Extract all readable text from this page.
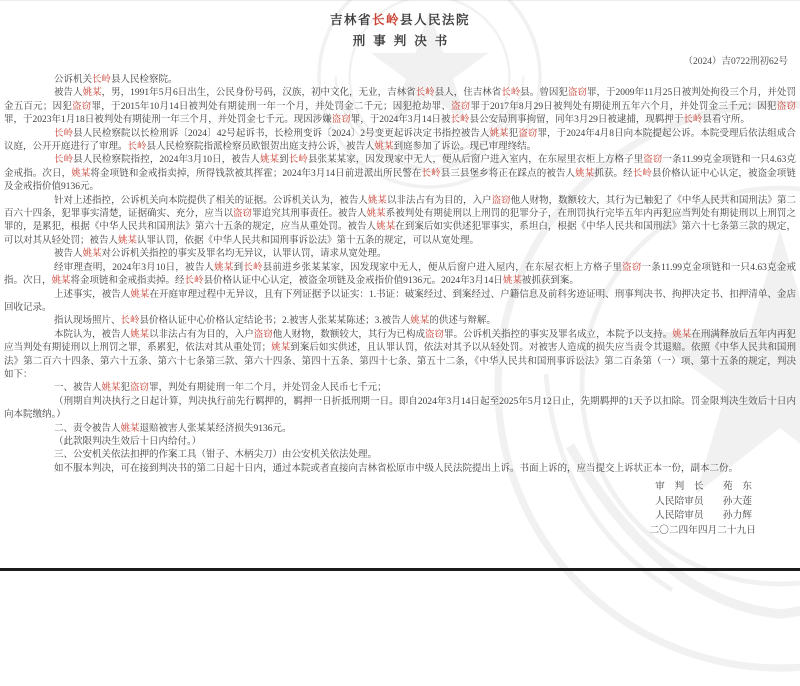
吉林省长岭县人民法院
刑事判决书
（2024）吉0722刑初62号

公诉机关长岭县人民检察院。

被告人姚某，男，1991年5月6日出生，公民身份号码，汉族，初中文化，无业，吉林省长岭县人，住吉林省长岭县。曾因犯盗窃罪，于2009年11月25日被判处拘役三个月，并处罚金五百元；因犯盗窃罪，于2015年10月14日被判处有期徒刑一年一个月，并处罚金二千元；因犯抢劫罪、盗窃罪于2017年8月29日被判处有期徒刑五年六个月，并处罚金三千元；因犯盗窃罪，于2023年1月18日被判处有期徒刑一年三个月，并处罚金七千元。现因涉嫌盗窃罪，于2024年3月14日被长岭县公安局刑事拘留，同年3月29日被逮捕，现羁押于长岭县看守所。

长岭县人民检察院以长检刑诉〔2024〕42号起诉书，长检刑变诉〔2024〕2号变更起诉决定书指控被告人姚某犯盗窃罪，于2024年4月8日向本院提起公诉。本院受理后依法组成合议庭，公开开庭进行了审理。长岭县人民检察院指派检察员欧银贺出庭支持公诉，被告人姚某到庭参加了诉讼。现已审理终结。

长岭县人民检察院指控，2024年3月10日，被告人姚某到长岭县张某某家，因发现家中无人，便从后窗户进入室内，在东屋里衣柜上方格子里盗窃一条11.99克金项链和一只4.63克金戒指。次日，姚某将金项链和金戒指卖掉，所得钱款被其挥霍；2024年3月14日前进派出所民警在长岭县三县堡乡将正在踩点的被告人姚某抓获。经长岭县价格认证中心认定，被盗金项链及金戒指价值9136元。

针对上述指控，公诉机关向本院提供了相关的证据。公诉机关认为，被告人姚某以非法占有为目的，入户盗窃他人财物，数额较大，其行为已触犯了《中华人民共和国刑法》第二百六十四条，犯罪事实清楚，证据确实、充分，应当以盗窃罪追究其刑事责任。被告人姚某系被判处有期徒刑以上刑罚的犯罪分子，在刑罚执行完毕五年内再犯应当判处有期徒刑以上刑罚之罪的，是累犯，根据《中华人民共和国刑法》第六十五条的规定，应当从重处罚。被告人姚某在到案后如实供述犯罪事实，系坦白，根据《中华人民共和国刑法》第六十七条第三款的规定，可以对其从轻处罚；被告人姚某认罪认罚，依据《中华人民共和国刑事诉讼法》第十五条的规定，可以从宽处理。

被告人姚某对公诉机关指控的事实及罪名均无异议，认罪认罚，请求从宽处理。

经审理查明，2024年3月10日，被告人姚某到长岭县前进乡张某某家，因发现家中无人，便从后窗户进入屋内，在东屋衣柜上方格子里盗窃一条11.99克金项链和一只4.63克金戒指。次日，姚某将金项链和金戒指卖掉。经长岭县价格认证中心认定，被盗金项链及金戒指价值9136元。2024年3月14日姚某被抓获到案。

上述事实，被告人姚某在开庭审理过程中无异议，且有下列证据予以证实：1.书证：破案经过、到案经过、户籍信息及前科劣迹证明、刑事判决书、拘押决定书、扣押清单、金店回收记录。

指认现场照片、长岭县价格认证中心价格认定结论书；2.被害人张某某陈述；3.被告人姚某的供述与辩解。

本院认为，被告人姚某以非法占有为目的，入户盗窃他人财物，数额较大，其行为已构成盗窃罪。公诉机关指控的事实及罪名成立，本院予以支持。姚某在刑满释放后五年内再犯应当判处有期徒刑以上刑罚之罪，系累犯，依法对其从重处罚；姚某到案后如实供述，且认罪认罚，依法对其予以从轻处罚。对被害人造成的损失应当责令其退赔。依照《中华人民共和国刑法》第二百六十四条、第六十五条、第六十七条第三款、第六十四条、第四十五条、第四十七条、第五十二条，《中华人民共和国刑事诉讼法》第二百条第（一）项、第十五条的规定，判决如下：

一、被告人姚某犯盗窃罪，判处有期徒刑一年二个月，并处罚金人民币七千元；

（刑期自判决执行之日起计算，判决执行前先行羁押的，羁押一日折抵刑期一日。即自2024年3月14日起至2025年5月12日止，先期羁押的1天予以扣除。罚金限判决生效后十日内向本院缴纳。）

二、责令被告人姚某退赔被害人张某某经济损失9136元。

（此款限判决生效后十日内给付。）

三、公安机关依法扣押的作案工具（钳子、木柄尖刀）由公安机关依法处理。

如不服本判决，可在接到判决书的第二日起十日内，通过本院或者直接向吉林省松原市中级人民法院提出上诉。书面上诉的，应当提交上诉状正本一份，副本二份。

审　判　长　　苑　东
人民陪审员　　孙大莲
人民陪审员　　孙力辉
二〇二四年四月二十九日
